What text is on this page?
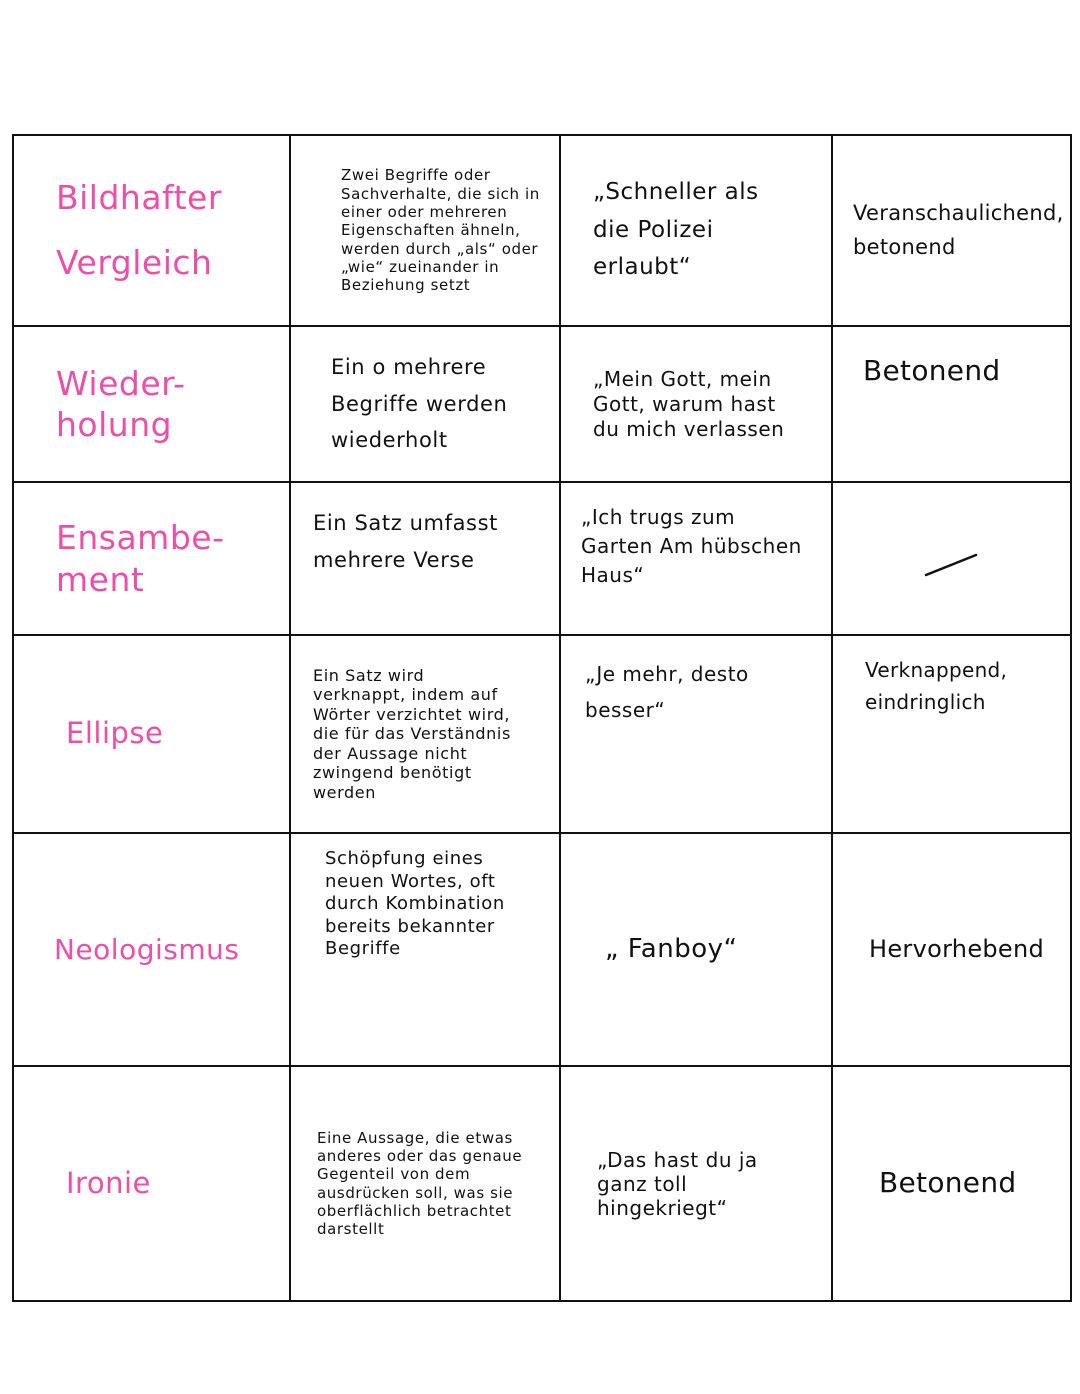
Bildhafter Vergleich	Zwei Begriffe oder Sachverhalte, die sich in einer oder mehreren Eigenschaften ähneln, werden durch „als“ oder „wie“ zueinander in Beziehung setzt	„Schneller als die Polizei erlaubt“	Veranschaulichend, betonend

Wieder-holung	Ein o mehrere Begriffe werden wiederholt	„Mein Gott, mein Gott, warum hast du mich verlassen	Betonend

Ensambe-ment	Ein Satz umfasst mehrere Verse	„Ich trugs zum Garten Am hübschen Haus“

Ellipse	Ein Satz wird verknappt, indem auf Wörter verzichtet wird, die für das Verständnis der Aussage nicht zwingend benötigt werden	„Je mehr, desto besser“	Verknappend, eindringlich

Neologismus	Schöpfung eines neuen Wortes, oft durch Kombination bereits bekannter Begriffe	„ Fanboy“	Hervorhebend

Ironie	Eine Aussage, die etwas anderes oder das genaue Gegenteil von dem ausdrücken soll, was sie oberflächlich betrachtet darstellt	„Das hast du ja ganz toll hingekriegt“	Betonend
